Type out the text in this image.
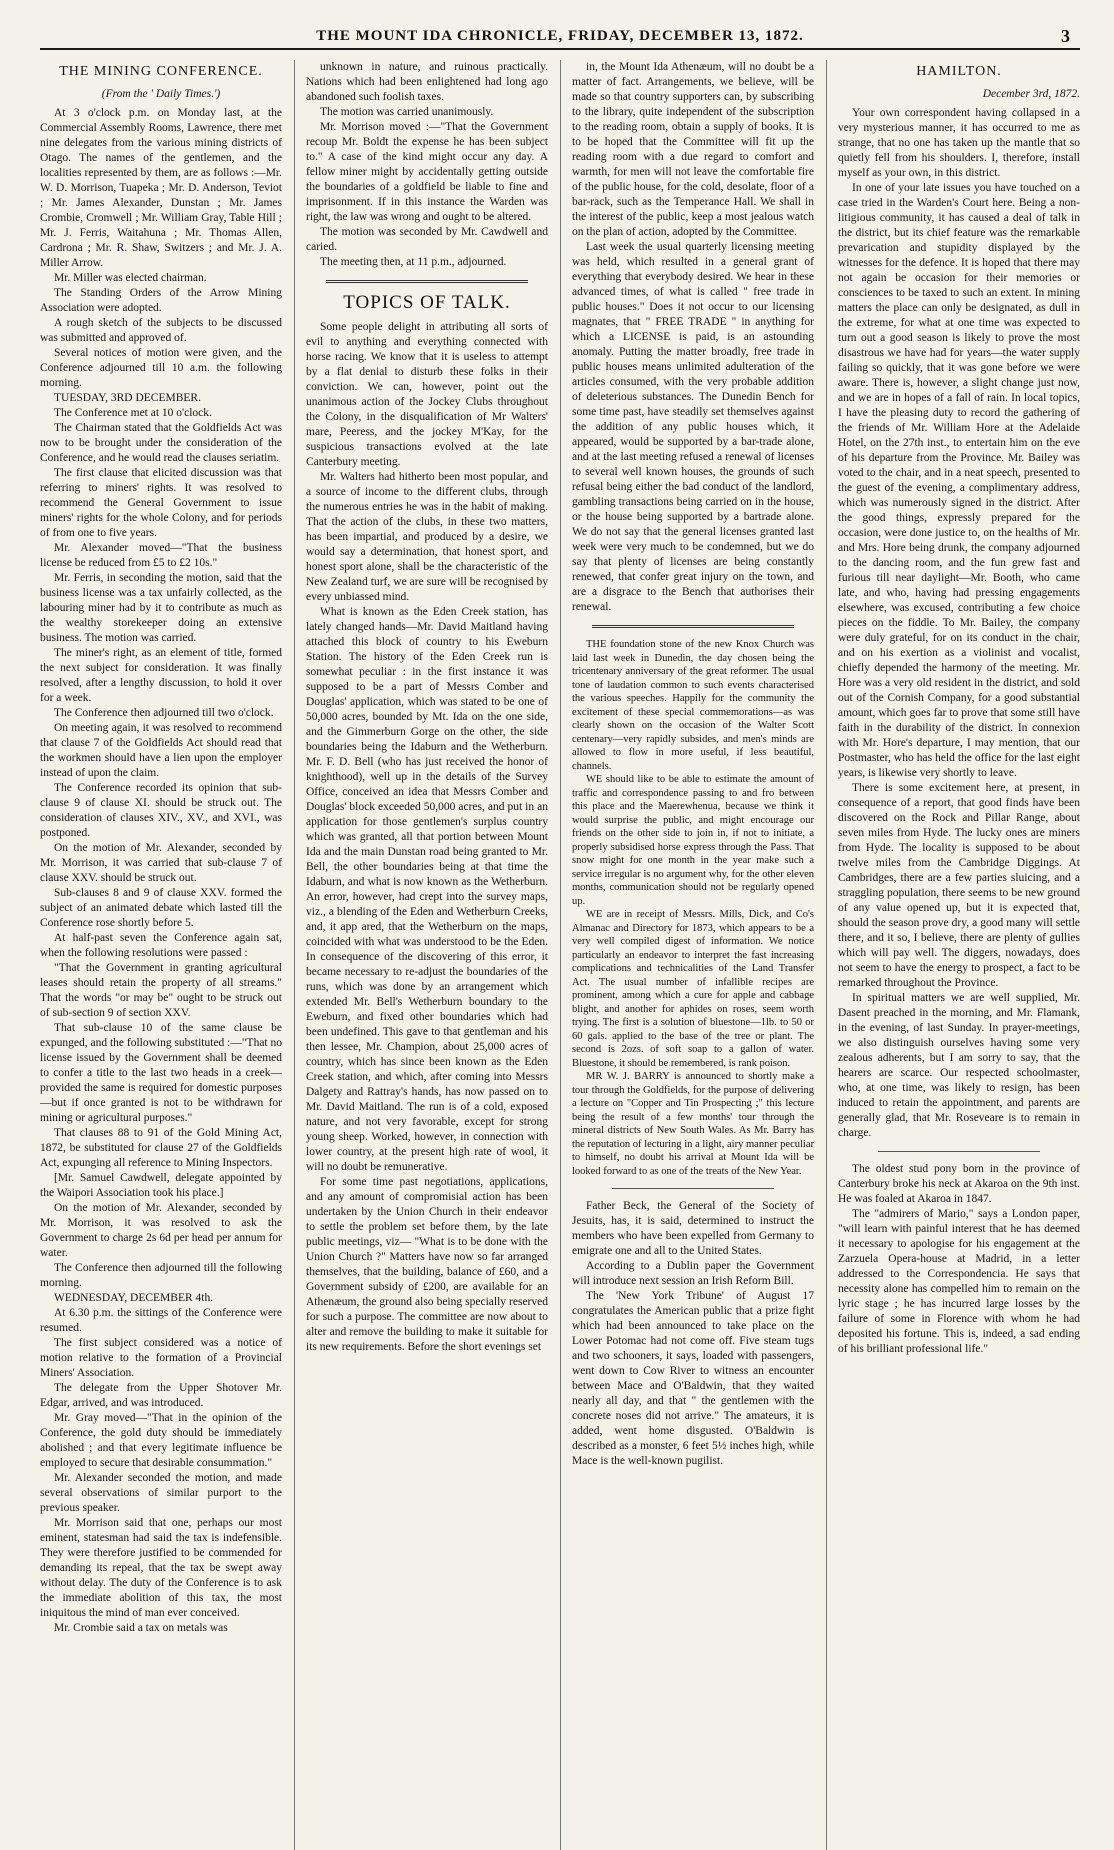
THE MOUNT IDA CHRONICLE, FRIDAY, DECEMBER 13, 1872.	3
THE MINING CONFERENCE.
(From the ' Daily Times.')

At 3 o'clock p.m. on Monday last, at the Commercial Assembly Rooms, Lawrence, there met nine delegates from the various mining districts of Otago. The names of the gentlemen, and the localities represented by them, are as follows :—Mr. W. D. Morrison, Tuapeka ; Mr. D. Anderson, Teviot ; Mr. James Alexander, Dunstan ; Mr. James Crombie, Cromwell ; Mr. William Gray, Table Hill ; Mr. J. Ferris, Waitahuna ; Mr. Thomas Allen, Cardrona ; Mr. R. Shaw, Switzers ; and Mr. J. A. Miller Arrow.

Mr. Miller was elected chairman.

The Standing Orders of the Arrow Mining Association were adopted.

A rough sketch of the subjects to be discussed was submitted and approved of.

Several notices of motion were given, and the Conference adjourned till 10 a.m. the following morning.

TUESDAY, 3RD DECEMBER.

The Conference met at 10 o'clock.

The Chairman stated that the Goldfields Act was now to be brought under the consideration of the Conference, and he would read the clauses seriatim.

The first clause that elicited discussion was that referring to miners' rights. It was resolved to recommend the General Government to issue miners' rights for the whole Colony, and for periods of from one to five years.

Mr. Alexander moved—"That the business license be reduced from £5 to £2 10s."

Mr. Ferris, in seconding the motion, said that the business license was a tax unfairly collected, as the labouring miner had by it to contribute as much as the wealthy storekeeper doing an extensive business. The motion was carried.

The miner's right, as an element of title, formed the next subject for consideration. It was finally resolved, after a lengthy discussion, to hold it over for a week.

The Conference then adjourned till two o'clock.

On meeting again, it was resolved to recommend that clause 7 of the Goldfields Act should read that the workmen should have a lien upon the employer instead of upon the claim.

The Conference recorded its opinion that sub-clause 9 of clause XI. should be struck out. The consideration of clauses XIV., XV., and XVI., was postponed.

On the motion of Mr. Alexander, seconded by Mr. Morrison, it was carried that sub-clause 7 of clause XXV. should be struck out.

Sub-clauses 8 and 9 of clause XXV. formed the subject of an animated debate which lasted till the Conference rose shortly before 5.

At half-past seven the Conference again sat, when the following resolutions were passed :

"That the Government in granting agricultural leases should retain the property of all streams." That the words "or may be" ought to be struck out of sub-section 9 of section XXV.

That sub-clause 10 of the same clause be expunged, and the following substituted :—"That no license issued by the Government shall be deemed to confer a title to the last two heads in a creek—provided the same is required for domestic purposes—but if once granted is not to be withdrawn for mining or agricultural purposes."

That clauses 88 to 91 of the Gold Mining Act, 1872, be substituted for clause 27 of the Goldfields Act, expunging all reference to Mining Inspectors.

[Mr. Samuel Cawdwell, delegate appointed by the Waipori Association took his place.]

On the motion of Mr. Alexander, seconded by Mr. Morrison, it was resolved to ask the Government to charge 2s 6d per head per annum for water.

The Conference then adjourned till the following morning.

WEDNESDAY, DECEMBER 4th.

At 6.30 p.m. the sittings of the Conference were resumed.

The first subject considered was a notice of motion relative to the formation of a Provincial Miners' Association.

The delegate from the Upper Shotover Mr. Edgar, arrived, and was introduced.

Mr. Gray moved—"That in the opinion of the Conference, the gold duty should be immediately abolished ; and that every legitimate influence be employed to secure that desirable consummation."

Mr. Alexander seconded the motion, and made several observations of similar purport to the previous speaker.

Mr. Morrison said that one, perhaps our most eminent, statesman had said the tax is indefensible. They were therefore justified to be commended for demanding its repeal, that the tax be swept away without delay. The duty of the Conference is to ask the immediate abolition of this tax, the most iniquitous the mind of man ever conceived.

Mr. Crombie said a tax on metals was

unknown in nature, and ruinous practically. Nations which had been enlightened had long ago abandoned such foolish taxes.

The motion was carried unanimously.

Mr. Morrison moved :—"That the Government recoup Mr. Boldt the expense he has been subject to." A case of the kind might occur any day. A fellow miner might by accidentally getting outside the boundaries of a goldfield be liable to fine and imprisonment. If in this instance the Warden was right, the law was wrong and ought to be altered.

The motion was seconded by Mr. Cawdwell and caried.

The meeting then, at 11 p.m., adjourned.

TOPICS OF TALK.

Some people delight in attributing all sorts of evil to anything and everything connected with horse racing. We know that it is useless to attempt by a flat denial to disturb these folks in their conviction. We can, however, point out the unanimous action of the Jockey Clubs throughout the Colony, in the disqualification of Mr Walters' mare, Peeress, and the jockey M'Kay, for the suspicious transactions evolved at the late Canterbury meeting.

Mr. Walters had hitherto been most popular, and a source of income to the different clubs, through the numerous entries he was in the habit of making. That the action of the clubs, in these two matters, has been impartial, and produced by a desire, we would say a determination, that honest sport, and honest sport alone, shall be the characteristic of the New Zealand turf, we are sure will be recognised by every unbiassed mind.

What is known as the Eden Creek station, has lately changed hands—Mr. David Maitland having attached this block of country to his Eweburn Station. The history of the Eden Creek run is somewhat peculiar : in the first instance it was supposed to be a part of Messrs Comber and Douglas' application, which was stated to be one of 50,000 acres, bounded by Mt. Ida on the one side, and the Gimmerburn Gorge on the other, the side boundaries being the Idaburn and the Wetherburn. Mr. F. D. Bell (who has just received the honor of knighthood), well up in the details of the Survey Office, conceived an idea that Messrs Comber and Douglas' block exceeded 50,000 acres, and put in an application for those gentlemen's surplus country which was granted, all that portion between Mount Ida and the main Dunstan road being granted to Mr. Bell, the other boundaries being at that time the Idaburn, and what is now known as the Wetherburn. An error, however, had crept into the survey maps, viz., a blending of the Eden and Wetherburn Creeks, and, it app ared, that the Wetherburn on the maps, coincided with what was understood to be the Eden. In consequence of the discovering of this error, it became necessary to re-adjust the boundaries of the runs, which was done by an arrangement which extended Mr. Bell's Wetherburn boundary to the Eweburn, and fixed other boundaries which had been undefined. This gave to that gentleman and his then lessee, Mr. Champion, about 25,000 acres of country, which has since been known as the Eden Creek station, and which, after coming into Messrs Dalgety and Rattray's hands, has now passed on to Mr. David Maitland. The run is of a cold, exposed nature, and not very favorable, except for strong young sheep. Worked, however, in connection with lower country, at the present high rate of wool, it will no doubt be remunerative.

For some time past negotiations, applications, and any amount of compromisial action has been undertaken by the Union Church in their endeavor to settle the problem set before them, by the late public meetings, viz— "What is to be done with the Union Church ?" Matters have now so far arranged themselves, that the building, balance of £60, and a Government subsidy of £200, are available for an Athenæum, the ground also being specially reserved for such a purpose. The committee are now about to alter and remove the building to make it suitable for its new requirements. Before the short evenings set

in, the Mount Ida Athenæum, will no doubt be a matter of fact. Arrangements, we believe, will be made so that country supporters can, by subscribing to the library, quite independent of the subscription to the reading room, obtain a supply of books. It is to be hoped that the Committee will fit up the reading room with a due regard to comfort and warmth, for men will not leave the comfortable fire of the public house, for the cold, desolate, floor of a bar-rack, such as the Temperance Hall. We shall in the interest of the public, keep a most jealous watch on the plan of action, adopted by the Committee.

Last week the usual quarterly licensing meeting was held, which resulted in a general grant of everything that everybody desired. We hear in these advanced times, of what is called " free trade in public houses." Does it not occur to our licensing magnates, that " FREE TRADE " in anything for which a LICENSE is paid, is an astounding anomaly. Putting the matter broadly, free trade in public houses means unlimited adulteration of the articles consumed, with the very probable addition of deleterious substances. The Dunedin Bench for some time past, have steadily set themselves against the addition of any public houses which, it appeared, would be supported by a bar-trade alone, and at the last meeting refused a renewal of licenses to several well known houses, the grounds of such refusal being either the bad conduct of the landlord, gambling transactions being carried on in the house, or the house being supported by a bartrade alone. We do not say that the general licenses granted last week were very much to be condemned, but we do say that plenty of licenses are being constantly renewed, that confer great injury on the town, and are a disgrace to the Bench that authorises their renewal.

THE foundation stone of the new Knox Church was laid last week in Dunedin, the day chosen being the tricentenary anniversary of the great reformer. The usual tone of laudation common to such events characterised the various speeches. Happily for the community the excitement of these special commemorations—as was clearly shown on the occasion of the Walter Scott centenary—very rapidly subsides, and men's minds are allowed to flow in more useful, if less beautiful, channels.

WE should like to be able to estimate the amount of traffic and correspondence passing to and fro between this place and the Maerewhenua, because we think it would surprise the public, and might encourage our friends on the other side to join in, if not to initiate, a properly subsidised horse express through the Pass. That snow might for one month in the year make such a service irregular is no argument why, for the other eleven months, communication should not be regularly opened up.

WE are in receipt of Messrs. Mills, Dick, and Co's Almanac and Directory for 1873, which appears to be a very well compiled digest of information. We notice particularly an endeavor to interpret the fast increasing complications and technicalities of the Land Transfer Act. The usual number of infallible recipes are prominent, among which a cure for apple and cabbage blight, and another for aphides on roses, seem worth trying. The first is a solution of bluestone—1lb. to 50 or 60 gals. applied to the base of the tree or plant. The second is 2ozs. of soft soap to a gallon of water. Bluestone, it should be remembered, is rank poison.

MR W. J. BARRY is announced to shortly make a tour through the Goldfields, for the purpose of delivering a lecture on "Copper and Tin Prospecting ;" this lecture being the result of a few months' tour through the mineral districts of New South Wales. As Mr. Barry has the reputation of lecturing in a light, airy manner peculiar to himself, no doubt his arrival at Mount Ida will be looked forward to as one of the treats of the New Year.

Father Beck, the General of the Society of Jesuits, has, it is said, determined to instruct the members who have been expelled from Germany to emigrate one and all to the United States.

According to a Dublin paper the Government will introduce next session an Irish Reform Bill.

The 'New York Tribune' of August 17 congratulates the American public that a prize fight which had been announced to take place on the Lower Potomac had not come off. Five steam tugs and two schooners, it says, loaded with passengers, went down to Cow River to witness an encounter between Mace and O'Baldwin, that they waited nearly all day, and that " the gentlemen with the concrete noses did not arrive." The amateurs, it is added, went home disgusted. O'Baldwin is described as a monster, 6 feet 5½ inches high, while Mace is the well-known pugilist.

HAMILTON.
December 3rd, 1872.

Your own correspondent having collapsed in a very mysterious manner, it has occurred to me as strange, that no one has taken up the mantle that so quietly fell from his shoulders. I, therefore, install myself as your own, in this district.

In one of your late issues you have touched on a case tried in the Warden's Court here. Being a non-litigious community, it has caused a deal of talk in the district, but its chief feature was the remarkable prevarication and stupidity displayed by the witnesses for the defence. It is hoped that there may not again be occasion for their memories or consciences to be taxed to such an extent. In mining matters the place can only be designated, as dull in the extreme, for what at one time was expected to turn out a good season is likely to prove the most disastrous we have had for years—the water supply failing so quickly, that it was gone before we were aware. There is, however, a slight change just now, and we are in hopes of a fall of rain. In local topics, I have the pleasing duty to record the gathering of the friends of Mr. William Hore at the Adelaide Hotel, on the 27th inst., to entertain him on the eve of his departure from the Province. Mr. Bailey was voted to the chair, and in a neat speech, presented to the guest of the evening, a complimentary address, which was numerously signed in the district. After the good things, expressly prepared for the occasion, were done justice to, on the healths of Mr. and Mrs. Hore being drunk, the company adjourned to the dancing room, and the fun grew fast and furious till near daylight—Mr. Booth, who came late, and who, having had pressing engagements elsewhere, was excused, contributing a few choice pieces on the fiddle. To Mr. Bailey, the company were duly grateful, for on its conduct in the chair, and on his exertion as a violinist and vocalist, chiefly depended the harmony of the meeting. Mr. Hore was a very old resident in the district, and sold out of the Cornish Company, for a good substantial amount, which goes far to prove that some still have faith in the durability of the district. In connexion with Mr. Hore's departure, I may mention, that our Postmaster, who has held the office for the last eight years, is likewise very shortly to leave.

There is some excitement here, at present, in consequence of a report, that good finds have been discovered on the Rock and Pillar Range, about seven miles from Hyde. The lucky ones are miners from Hyde. The locality is supposed to be about twelve miles from the Cambridge Diggings. At Cambridges, there are a few parties sluicing, and a straggling population, there seems to be new ground of any value opened up, but it is expected that, should the season prove dry, a good many will settle there, and it so, I believe, there are plenty of gullies which will pay well. The diggers, nowadays, does not seem to have the energy to prospect, a fact to be remarked throughout the Province.

In spiritual matters we are well supplied, Mr. Dasent preached in the morning, and Mr. Flamank, in the evening, of last Sunday. In prayer-meetings, we also distinguish ourselves having some very zealous adherents, but I am sorry to say, that the hearers are scarce. Our respected schoolmaster, who, at one time, was likely to resign, has been induced to retain the appointment, and parents are generally glad, that Mr. Roseveare is to remain in charge.

The oldest stud pony born in the province of Canterbury broke his neck at Akaroa on the 9th inst. He was foaled at Akaroa in 1847.

The "admirers of Mario," says a London paper, "will learn with painful interest that he has deemed it necessary to apologise for his engagement at the Zarzuela Opera-house at Madrid, in a letter addressed to the Correspondencia. He says that necessity alone has compelled him to remain on the lyric stage ; he has incurred large losses by the failure of some in Florence with whom he had deposited his fortune. This is, indeed, a sad ending of his brilliant professional life."
